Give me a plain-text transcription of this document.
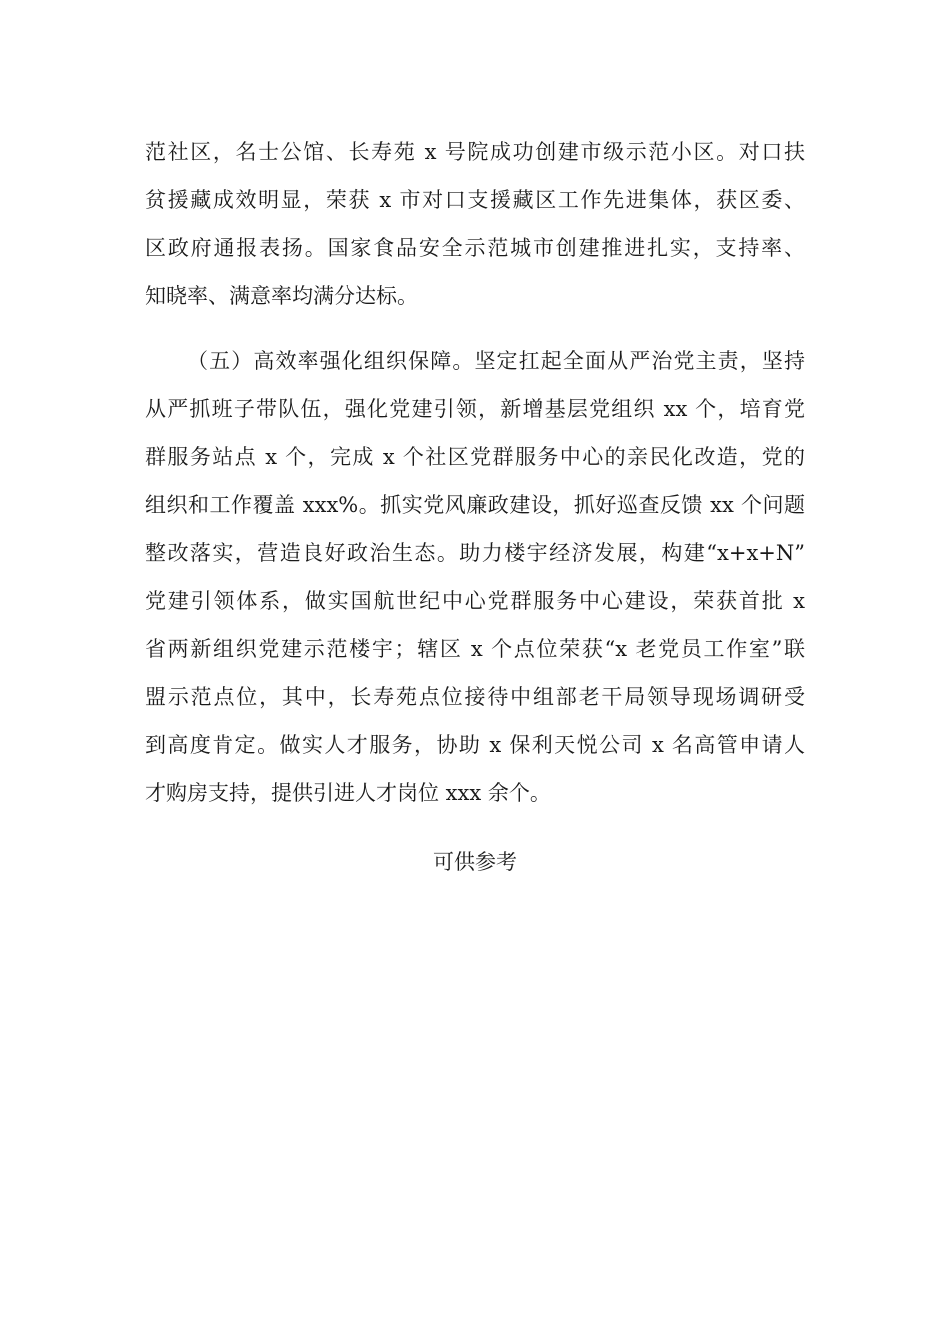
范社区，名士公馆、长寿苑 x 号院成功创建市级示范小区。对口扶
贫援藏成效明显，荣获 x 市对口支援藏区工作先进集体，获区委、
区政府通报表扬。国家食品安全示范城市创建推进扎实，支持率、
知晓率、满意率均满分达标。
（五）高效率强化组织保障。坚定扛起全面从严治党主责，坚持
从严抓班子带队伍，强化党建引领，新增基层党组织 xx 个，培育党
群服务站点 x 个，完成 x 个社区党群服务中心的亲民化改造，党的
组织和工作覆盖 xxx%。抓实党风廉政建设，抓好巡查反馈 xx 个问题
整改落实，营造良好政治生态。助力楼宇经济发展，构建“x+x+N”
党建引领体系，做实国航世纪中心党群服务中心建设，荣获首批 x
省两新组织党建示范楼宇；辖区 x 个点位荣获“x 老党员工作室”联
盟示范点位，其中，长寿苑点位接待中组部老干局领导现场调研受
到高度肯定。做实人才服务，协助 x 保利天悦公司 x 名高管申请人
才购房支持，提供引进人才岗位 xxx 余个。
可供参考
